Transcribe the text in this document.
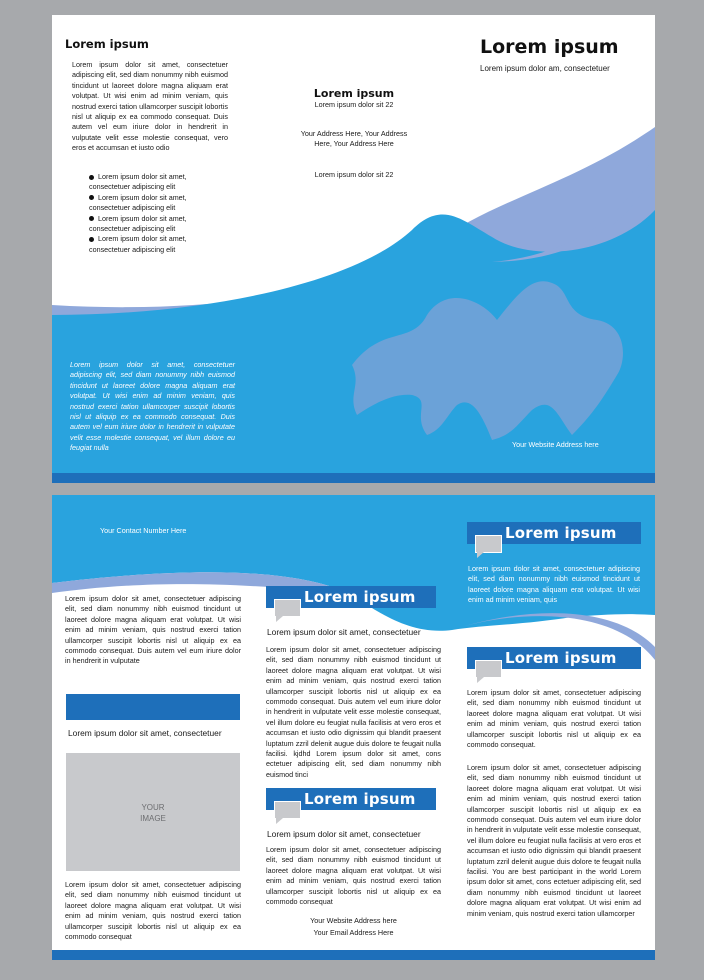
Lorem ipsum

Lorem ipsum dolor sit amet, consectetuer adipiscing elit, sed diam nonummy nibh euismod tincidunt ut laoreet dolore magna aliquam erat volutpat. Ut wisi enim ad minim veniam, quis nostrud exerci tation ullamcorper suscipit lobortis nisl ut aliquip ex ea commodo consequat. Duis autem vel eum iriure dolor in hendrerit in vulputate velit esse molestie consequat, vero eros et accumsan et iusto odio

Lorem ipsum dolor sit amet, consectetuer adipiscing elit
Lorem ipsum dolor sit amet, consectetuer adipiscing elit
Lorem ipsum dolor sit amet, consectetuer adipiscing elit
Lorem ipsum dolor sit amet, consectetuer adipiscing elit
Lorem ipsum

Lorem ipsum dolor sit 22

Your Address Here, Your Address

Here, Your Address Here

Lorem ipsum dolor sit 22

Lorem ipsum

Lorem ipsum dolor am, consectetuer

Lorem ipsum dolor sit amet, consectetuer adipiscing elit, sed diam nonummy nibh euismod tincidunt ut laoreet dolore magna aliquam erat volutpat. Ut wisi enim ad minim veniam, quis nostrud exerci tation ullamcorper suscipit lobortis nisl ut aliquip ex ea commodo consequat. Duis autem vel eum iriure dolor in hendrerit in vulputate velit esse molestie consequat, vel illum dolore eu feugiat nulla	Your Website Address here

Your Contact Number Here

Lorem ipsum dolor sit amet, consectetuer adipiscing elit, sed diam nonummy nibh euismod tincidunt ut laoreet dolore magna aliquam erat volutpat. Ut wisi enim ad minim veniam, quis nostrud exerci tation ullamcorper suscipit lobortis nisl ut aliquip ex ea commodo consequat. Duis autem vel eum iriure dolor in hendrerit in vulputate

Lorem ipsum dolor sit amet, consectetuer

YOUR
IMAGE

Lorem ipsum dolor sit amet, consectetuer adipiscing elit, sed diam nonummy nibh euismod tincidunt ut laoreet dolore magna aliquam erat volutpat. Ut wisi enim ad minim veniam, quis nostrud exerci tation ullamcorper suscipit lobortis nisl ut aliquip ex ea commodo consequat

Lorem ipsum

Lorem ipsum dolor sit amet, consectetuer

Lorem ipsum dolor sit amet, consectetuer adipiscing elit, sed diam nonummy nibh euismod tincidunt ut laoreet dolore magna aliquam erat volutpat. Ut wisi enim ad minim veniam, quis nostrud exerci tation ullamcorper suscipit lobortis nisl ut aliquip ex ea commodo consequat. Duis autem vel eum iriure dolor in hendrerit in vulputate velit esse molestie consequat, vel illum dolore eu feugiat nulla facilisis at vero eros et accumsan et iusto odio dignissim qui blandit praesent luptatum zzril delenit augue duis dolore te feugait nulla facilisi. kjdhd Lorem ipsum dolor sit amet, cons ectetuer adipiscing elit, sed diam nonummy nibh euismod tinci

Lorem ipsum

Lorem ipsum dolor sit amet, consectetuer

Lorem ipsum dolor sit amet, consectetuer adipiscing elit, sed diam nonummy nibh euismod tincidunt ut laoreet dolore magna aliquam erat volutpat. Ut wisi enim ad minim veniam, quis nostrud exerci tation ullamcorper suscipit lobortis nisl ut aliquip ex ea commodo consequat

Your Website Address here

Your Email Address Here

Lorem ipsum

Lorem ipsum dolor sit amet, consectetuer adipiscing elit, sed diam nonummy nibh euismod tincidunt ut laoreet dolore magna aliquam erat volutpat. Ut wisi enim ad minim veniam, quis

Lorem ipsum

Lorem ipsum dolor sit amet, consectetuer adipiscing elit, sed diam nonummy nibh euismod tincidunt ut laoreet dolore magna aliquam erat volutpat. Ut wisi enim ad minim veniam, quis nostrud exerci tation ullamcorper suscipit lobortis nisl ut aliquip ex ea commodo consequat.

Lorem ipsum dolor sit amet, consectetuer adipiscing elit, sed diam nonummy nibh euismod tincidunt ut laoreet dolore magna aliquam erat volutpat. Ut wisi enim ad minim veniam, quis nostrud exerci tation ullamcorper suscipit lobortis nisl ut aliquip ex ea commodo consequat. Duis autem vel eum iriure dolor in hendrerit in vulputate velit esse molestie consequat, vel illum dolore eu feugiat nulla facilisis at vero eros et accumsan et iusto odio dignissim qui blandit praesent luptatum zzril delenit augue duis dolore te feugait nulla facilisi. You are best participant in the world Lorem ipsum dolor sit amet, cons ectetuer adipiscing elit, sed diam nonummy nibh euismod tincidunt ut laoreet dolore magna aliquam erat volutpat. Ut wisi enim ad minim veniam, quis nostrud exerci tation ullamcorper
